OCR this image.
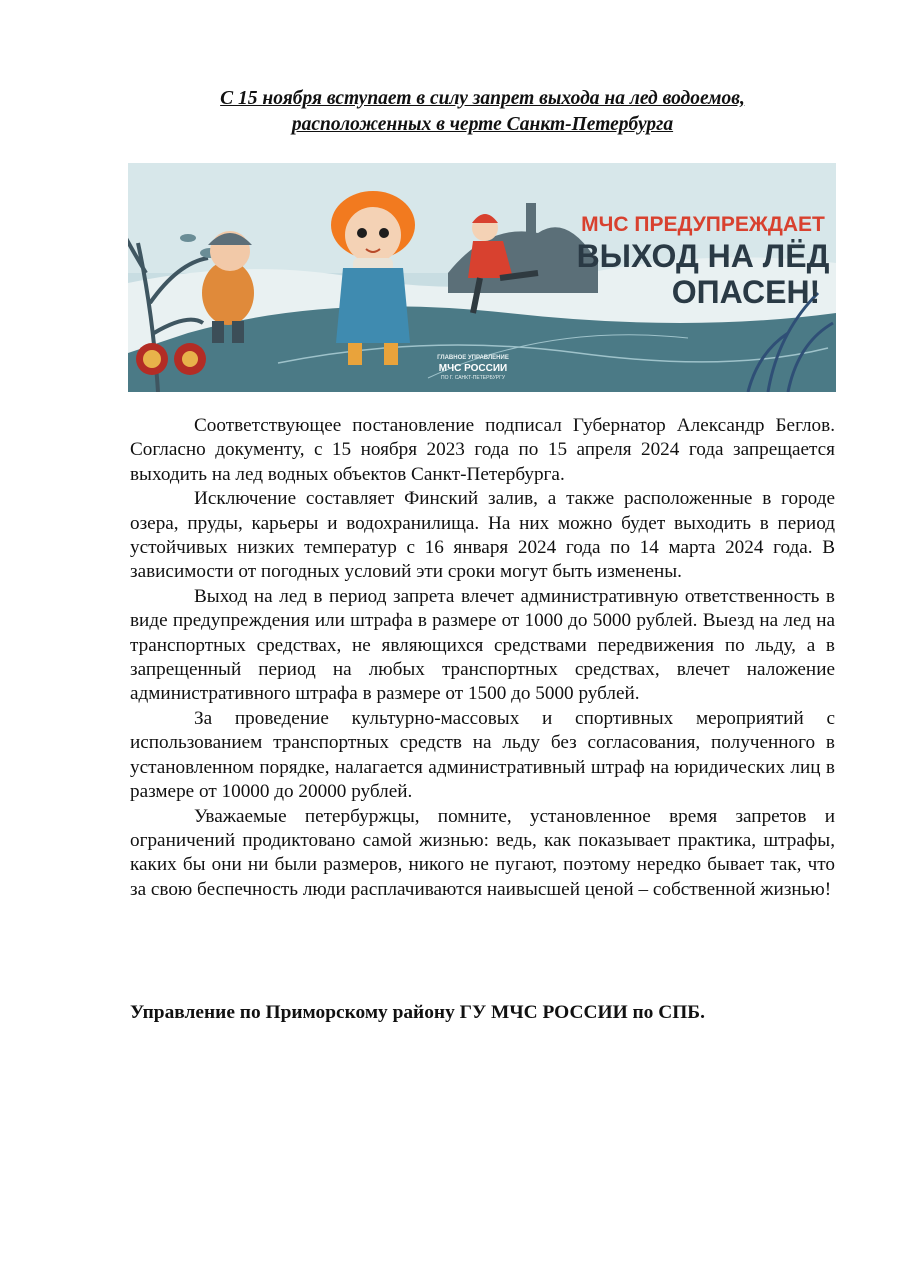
С 15 ноября вступает в силу запрет выхода на лед водоемов,
расположенных в черте Санкт-Петербурга
МЧС ПРЕДУПРЕЖДАЕТ
ВЫХОД НА ЛЁД
ОПАСЕН!
ГЛАВНОЕ УПРАВЛЕНИЕ
МЧС РОССИИ
ПО Г. САНКТ-ПЕТЕРБУРГУ

Соответствующее постановление подписал Губернатор Александр Беглов. Согласно документу, с 15 ноября 2023 года по 15 апреля 2024 года запрещается выходить на лед водных объектов Санкт-Петербурга.

Исключение составляет Финский залив, а также расположенные в городе озера, пруды, карьеры и водохранилища. На них можно будет выходить в период устойчивых низких температур с 16 января 2024 года по 14 марта 2024 года. В зависимости от погодных условий эти сроки могут быть изменены.

Выход на лед в период запрета влечет административную ответственность в виде предупреждения или штрафа в размере от 1000 до 5000 рублей. Выезд на лед на транспортных средствах, не являющихся средствами передвижения по льду, а в запрещенный период на любых транспортных средствах, влечет наложение административного штрафа в размере от 1500 до 5000 рублей.

За проведение культурно-массовых и спортивных мероприятий с использованием транспортных средств на льду без согласования, полученного в установленном порядке, налагается административный штраф на юридических лиц в размере от 10000 до 20000 рублей.

Уважаемые петербуржцы, помните, установленное время запретов и ограничений продиктовано самой жизнью: ведь, как показывает практика, штрафы, каких бы они ни были размеров, никого не пугают, поэтому нередко бывает так, что за свою беспечность люди расплачиваются наивысшей ценой – собственной жизнью!

Управление по Приморскому району ГУ МЧС РОССИИ по СПБ.
